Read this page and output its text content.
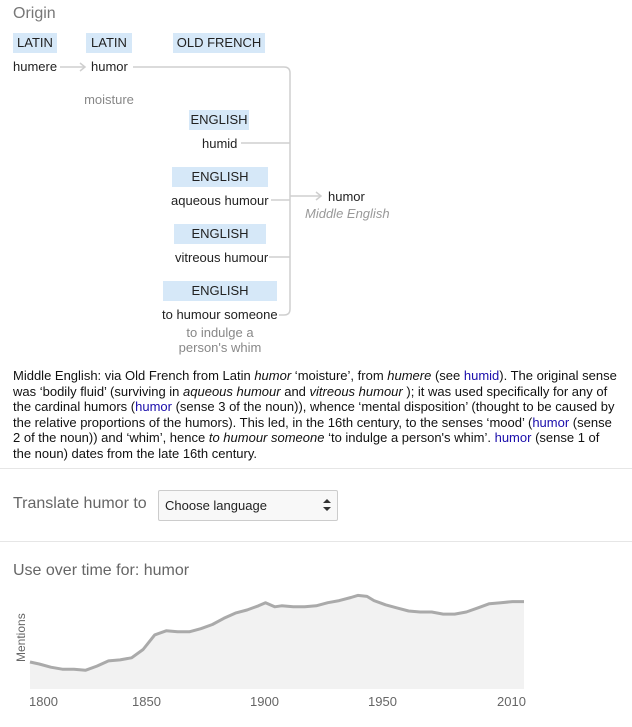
Origin
LATIN	LATIN	OLD FRENCH
ENGLISH
ENGLISH
ENGLISH
ENGLISH
humere	humor
moisture
humid
aqueous humour
vitreous humour
to humour someone
to indulge a
person's whim
humor
Middle English
Middle English: via Old French from Latin humor ‘moisture’, from humere (see humid). The original sense was ‘bodily fluid’ (surviving in aqueous humour and vitreous humour ); it was used specifically for any of the cardinal humors (humor (sense 3 of the noun)), whence ‘mental disposition’ (thought to be caused by the relative proportions of the humors). This led, in the 16th century, to the senses ‘mood’ (humor (sense 2 of the noun)) and ‘whim’, hence to humour someone ‘to indulge a person's whim’. humor (sense 1 of the noun) dates from the late 16th century.
Translate humor to	Choose language
Use over time for: humor
Mentions
1800	1850	1900	1950	2010
